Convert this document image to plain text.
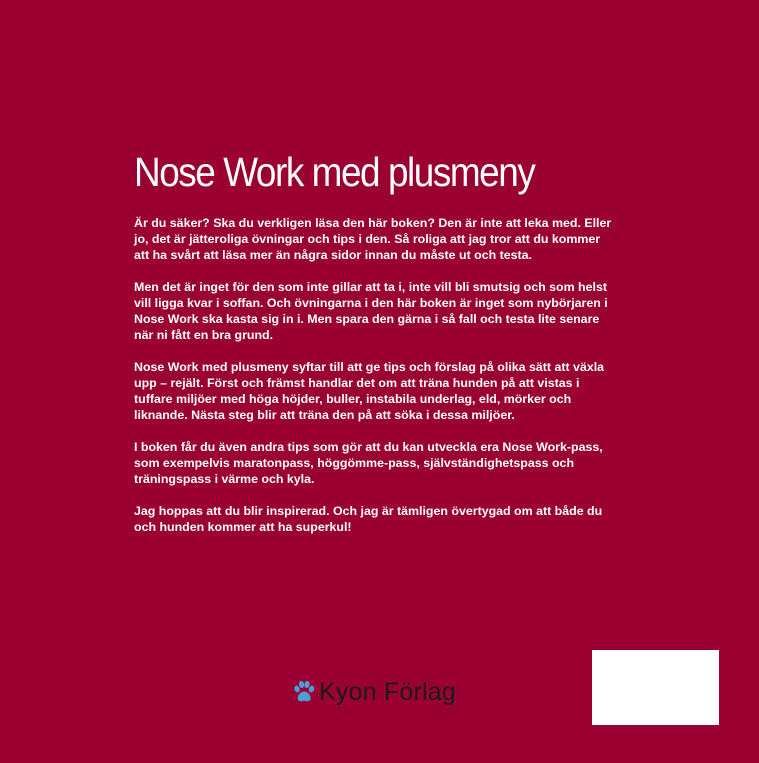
Nose Work med plusmeny

Är du säker? Ska du verkligen läsa den här boken? Den är inte att leka med. Eller jo, det är jätteroliga övningar och tips i den. Så roliga att jag tror att du kommer att ha svårt att läsa mer än några sidor innan du måste ut och testa.

Men det är inget för den som inte gillar att ta i, inte vill bli smutsig och som helst vill ligga kvar i soffan. Och övningarna i den här boken är inget som nybörjaren i Nose Work ska kasta sig in i. Men spara den gärna i så fall och testa lite senare när ni fått en bra grund.

Nose Work med plusmeny syftar till att ge tips och förslag på olika sätt att växla upp – rejält. Först och främst handlar det om att träna hunden på att vistas i tuffare miljöer med höga höjder, buller, instabila underlag, eld, mörker och liknande. Nästa steg blir att träna den på att söka i dessa miljöer.

I boken får du även andra tips som gör att du kan utveckla era Nose Work-pass, som exempelvis maratonpass, höggömme-pass, självständighetspass och träningspass i värme och kyla.

Jag hoppas att du blir inspirerad. Och jag är tämligen övertygad om att både du och hunden kommer att ha superkul!

Kyon Förlag
